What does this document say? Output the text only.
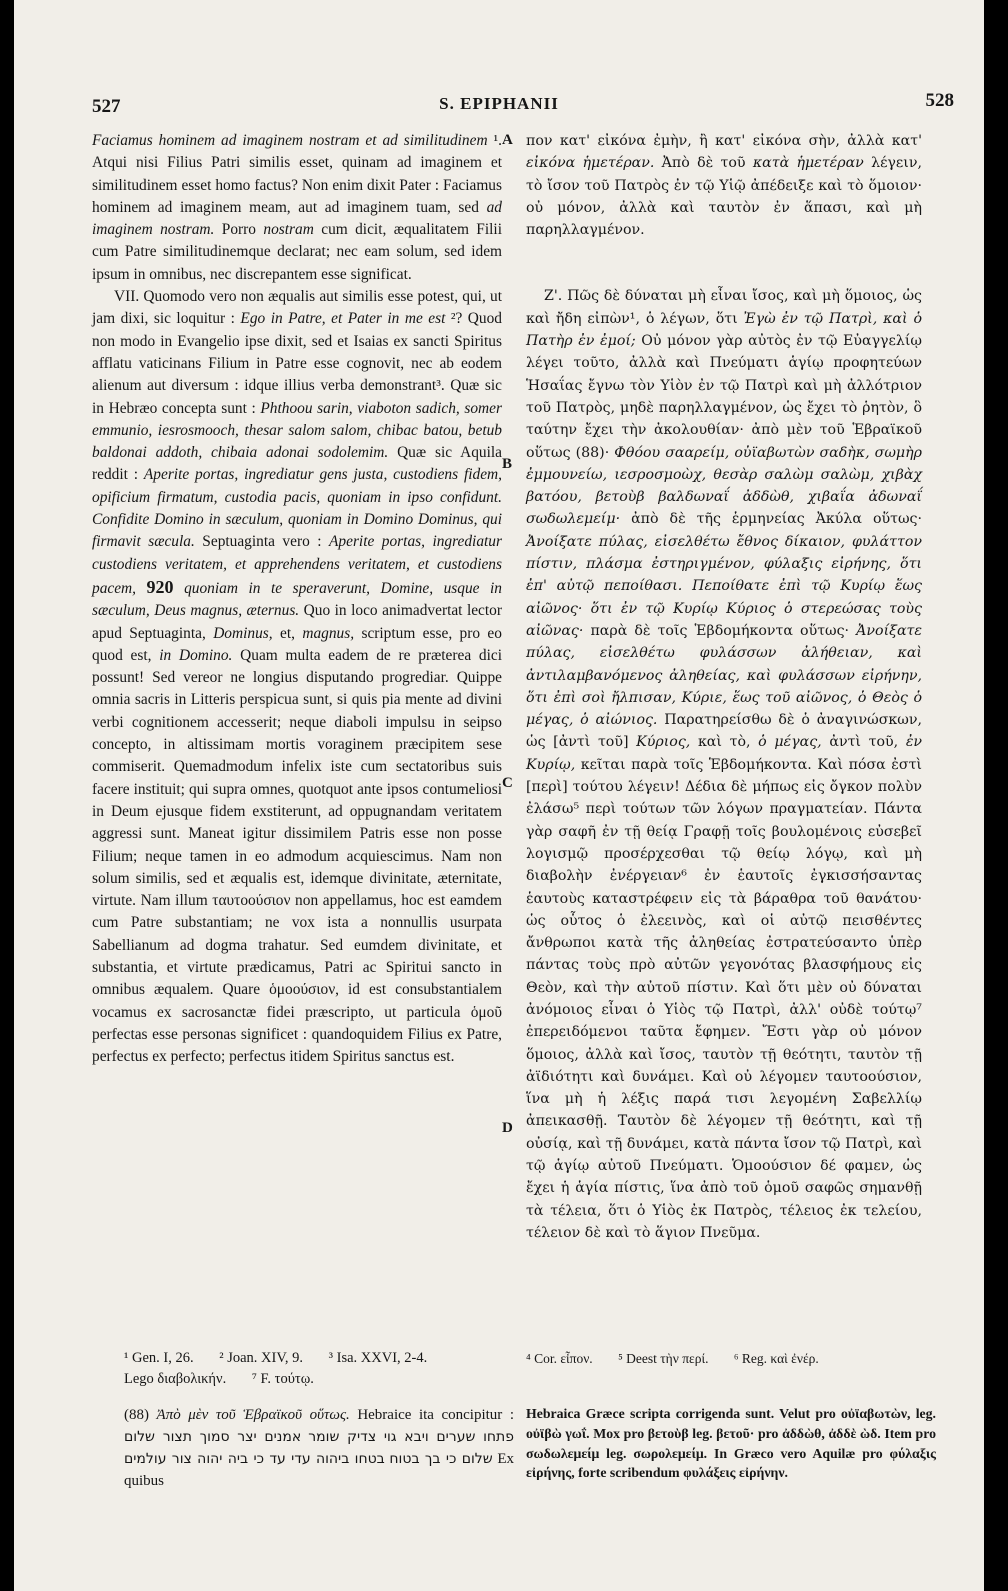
527	S. EPIPHANII	528

Faciamus hominem ad imaginem nostram et ad similitudinem ¹. Atqui nisi Filius Patri similis esset, quinam ad imaginem et similitudinem esset homo factus? Non enim dixit Pater : Faciamus hominem ad imaginem meam, aut ad imaginem tuam, sed ad imaginem nostram. Porro nostram cum dicit, æqualitatem Filii cum Patre similitudinemque declarat; nec eam solum, sed idem ipsum in omnibus, nec discrepantem esse significat.

VII. Quomodo vero non æqualis aut similis esse potest, qui, ut jam dixi, sic loquitur : Ego in Patre, et Pater in me est ²? Quod non modo in Evangelio ipse dixit, sed et Isaias ex sancti Spiritus afflatu vaticinans Filium in Patre esse cognovit, nec ab eodem alienum aut diversum : idque illius verba demonstrant³. Quæ sic in Hebræo concepta sunt : Phthoou sarin, viaboton sadich, somer emmunio, iesrosmooch, thesar salom salom, chibac batou, betub baldonai addoth, chibaia adonai sodolemim. Quæ sic Aquila reddit : Aperite portas, ingrediatur gens justa, custodiens fidem, opificium firmatum, custodia pacis, quoniam in ipso confidunt. Confidite Domino in sæculum, quoniam in Domino Dominus, qui firmavit sæcula. Septuaginta vero : Aperite portas, ingrediatur custodiens veritatem, et apprehendens veritatem, et custodiens pacem, 920 quoniam in te speraverunt, Domine, usque in sæculum, Deus magnus, æternus. Quo in loco animadvertat lector apud Septuaginta, Dominus, et, magnus, scriptum esse, pro eo quod est, in Domino. Quam multa eadem de re præterea dici possunt! Sed vereor ne longius disputando progrediar. Quippe omnia sacris in Litteris perspicua sunt, si quis pia mente ad divini verbi cognitionem accesserit; neque diaboli impulsu in seipso concepto, in altissimam mortis voraginem præcipitem sese commiserit. Quemadmodum infelix iste cum sectatoribus suis facere instituit; qui supra omnes, quotquot ante ipsos contumeliosi in Deum ejusque fidem exstiterunt, ad oppugnandam veritatem aggressi sunt. Maneat igitur dissimilem Patris esse non posse Filium; neque tamen in eo admodum acquiescimus. Nam non solum similis, sed et æqualis est, idemque divinitate, æternitate, virtute. Nam illum ταυτοούσιον non appellamus, hoc est eamdem cum Patre substantiam; ne vox ista a nonnullis usurpata Sabellianum ad dogma trahatur. Sed eumdem divinitate, et substantia, et virtute prædicamus, Patri ac Spiritui sancto in omnibus æqualem. Quare ὁμοούσιον, id est consubstantialem vocamus ex sacrosanctæ fidei præscripto, ut particula ὁμοῦ perfectas esse personas significet : quandoquidem Filius ex Patre, perfectus ex perfecto; perfectus itidem Spiritus sanctus est.

A
B
C
D

πον κατ' εἰκόνα ἐμὴν, ἢ κατ' εἰκόνα σὴν, ἀλλὰ κατ' εἰκόνα ἡμετέραν. Ἀπὸ δὲ τοῦ κατὰ ἡμετέραν λέγειν, τὸ ἴσον τοῦ Πατρὸς ἐν τῷ Υἱῷ ἀπέδειξε καὶ τὸ ὅμοιον· οὐ μόνον, ἀλλὰ καὶ ταυτὸν ἐν ἅπασι, καὶ μὴ παρηλλαγμένον.

Ζ'. Πῶς δὲ δύναται μὴ εἶναι ἴσος, καὶ μὴ ὅμοιος, ὡς καὶ ἤδη εἰπὼν¹, ὁ λέγων, ὅτι Ἐγὼ ἐν τῷ Πατρὶ, καὶ ὁ Πατὴρ ἐν ἐμοί; Οὐ μόνον γὰρ αὐτὸς ἐν τῷ Εὐαγγελίῳ λέγει τοῦτο, ἀλλὰ καὶ Πνεύματι ἁγίῳ προφητεύων Ἡσαΐας ἔγνω τὸν Υἱὸν ἐν τῷ Πατρὶ καὶ μὴ ἀλλότριον τοῦ Πατρὸς, μηδὲ παρηλλαγμένον, ὡς ἔχει τὸ ῥητὸν, ὃ ταύτην ἔχει τὴν ἀκολουθίαν· ἀπὸ μὲν τοῦ Ἑβραϊκοῦ οὕτως (88)· Φθόου σααρείμ, οὐϊαβωτὼν σαδὴκ, σωμὴρ ἐμμουνείω, ιεσροσμοὼχ, θεσὰρ σαλὼμ σαλὼμ, χιβὰχ βατόου, βετοὺβ βαλδωναΐ ἀδδὼθ, χιβαΐα ἀδωναΐ σωδωλεμείμ· ἀπὸ δὲ τῆς ἑρμηνείας Ἀκύλα οὕτως· Ἀνοίξατε πύλας, εἰσελθέτω ἔθνος δίκαιον, φυλάττον πίστιν, πλάσμα ἐστηριγμένον, φύλαξις εἰρήνης, ὅτι ἐπ' αὐτῷ πεποίθασι. Πεποίθατε ἐπὶ τῷ Κυρίῳ ἕως αἰῶνος· ὅτι ἐν τῷ Κυρίῳ Κύριος ὁ στερεώσας τοὺς αἰῶνας· παρὰ δὲ τοῖς Ἑβδομήκοντα οὕτως· Ἀνοίξατε πύλας, εἰσελθέτω φυλάσσων ἀλήθειαν, καὶ ἀντιλαμβανόμενος ἀληθείας, καὶ φυλάσσων εἰρήνην, ὅτι ἐπὶ σοὶ ἤλπισαν, Κύριε, ἕως τοῦ αἰῶνος, ὁ Θεὸς ὁ μέγας, ὁ αἰώνιος. Παρατηρείσθω δὲ ὁ ἀναγινώσκων, ὡς [ἀντὶ τοῦ] Κύριος, καὶ τὸ, ὁ μέγας, ἀντὶ τοῦ, ἐν Κυρίῳ, κεῖται παρὰ τοῖς Ἑβδομήκοντα. Καὶ πόσα ἐστὶ [περὶ] τούτου λέγειν! Δέδια δὲ μήπως εἰς ὄγκον πολὺν ἐλάσω⁵ περὶ τούτων τῶν λόγων πραγματείαν. Πάντα γὰρ σαφῆ ἐν τῇ θείᾳ Γραφῇ τοῖς βουλομένοις εὐσεβεῖ λογισμῷ προσέρχεσθαι τῷ θείῳ λόγῳ, καὶ μὴ διαβολὴν ἐνέργειαν⁶ ἐν ἑαυτοῖς ἐγκισσήσαντας ἑαυτοὺς καταστρέφειν εἰς τὰ βάραθρα τοῦ θανάτου· ὡς οὗτος ὁ ἐλεεινὸς, καὶ οἱ αὐτῷ πεισθέντες ἄνθρωποι κατὰ τῆς ἀληθείας ἐστρατεύσαντο ὑπὲρ πάντας τοὺς πρὸ αὐτῶν γεγονότας βλασφήμους εἰς Θεὸν, καὶ τὴν αὐτοῦ πίστιν. Καὶ ὅτι μὲν οὐ δύναται ἀνόμοιος εἶναι ὁ Υἱὸς τῷ Πατρὶ, ἀλλ' οὐδὲ τούτῳ⁷ ἐπερειδόμενοι ταῦτα ἔφημεν. Ἔστι γὰρ οὐ μόνον ὅμοιος, ἀλλὰ καὶ ἴσος, ταυτὸν τῇ θεότητι, ταυτὸν τῇ ἀϊδιότητι καὶ δυνάμει. Καὶ οὐ λέγομεν ταυτοούσιον, ἵνα μὴ ἡ λέξις παρά τισι λεγομένη Σαβελλίῳ ἀπεικασθῇ. Ταυτὸν δὲ λέγομεν τῇ θεότητι, καὶ τῇ οὐσίᾳ, καὶ τῇ δυνάμει, κατὰ πάντα ἴσον τῷ Πατρὶ, καὶ τῷ ἁγίῳ αὐτοῦ Πνεύματι. Ὁμοούσιον δέ φαμεν, ὡς ἔχει ἡ ἁγία πίστις, ἵνα ἀπὸ τοῦ ὁμοῦ σαφῶς σημανθῇ τὰ τέλεια, ὅτι ὁ Υἱὸς ἐκ Πατρὸς, τέλειος ἐκ τελείου, τέλειον δὲ καὶ τὸ ἅγιον Πνεῦμα.

¹ Gen. I, 26. ² Joan. XIV, 9. ³ Isa. XXVI, 2-4.
Lego διαβολικήν. ⁷ F. τούτῳ.
⁴ Cor. εἶπον. ⁵ Deest τὴν περί. ⁶ Reg. καὶ ἐνέρ.
(88) Ἀπὸ μὲν τοῦ Ἑβραϊκοῦ οὕτως. Hebraice ita concipitur : פתחו שערים ויבא גוי צדיק שומר אמנים יצר סמוך תצור שלום שלום כי בך בטוח בטחו ביהוה עדי עד כי ביה יהוה צור עולמים	Ex quibus
Hebraica Græce scripta corrigenda sunt. Velut pro οὐϊαβωτὼν, leg. οὐϊβὼ γωΐ. Mox pro βετοὺβ leg. βετοῦ· pro ἀδδὼθ, ἀδδὲ ὼδ. Item pro σωδωλεμείμ leg. σωρολεμείμ. In Græco vero Aquilæ pro φύλαξις εἰρήνης, forte scribendum φυλάξεις εἰρήνην.
